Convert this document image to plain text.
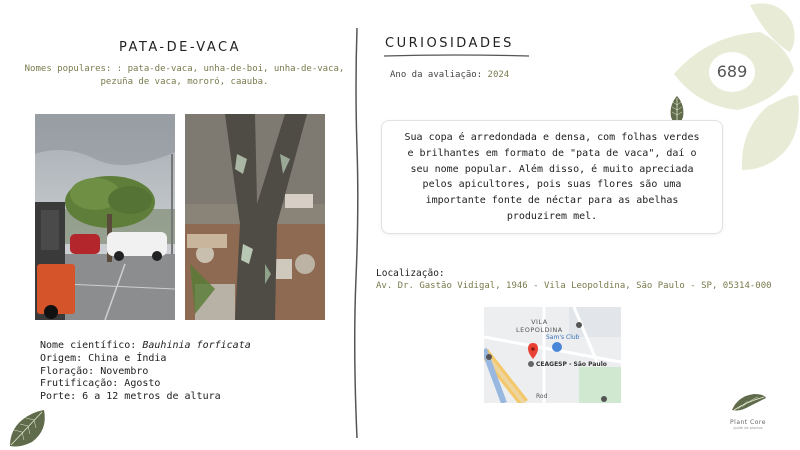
PATA-DE-VACA
Nomes populares: : pata-de-vaca, unha-de-boi, unha-de-vaca, pezuña de vaca, mororó, caauba.
Nome científico: Bauhinia forficata
Origem: China e Índia
Floração: Novembro
Frutificação: Agosto
Porte: 6 a 12 metros de altura
CURIOSIDADES
Ano da avaliação: 2024	689
Sua copa é arredondada e densa, com folhas verdes e brilhantes em formato de "pata de vaca", daí o seu nome popular. Além disso, é muito apreciada pelos apicultores, pois suas flores são uma importante fonte de néctar para as abelhas produzirem mel.
Localização:
Av. Dr. Gastão Vidigal, 1946 - Vila Leopoldina, São Paulo - SP, 05314-000
VILA
LEOPOLDINA
Sam's Club
CEAGESP - São Paulo
Rod
Plant Core
guide de plantas
